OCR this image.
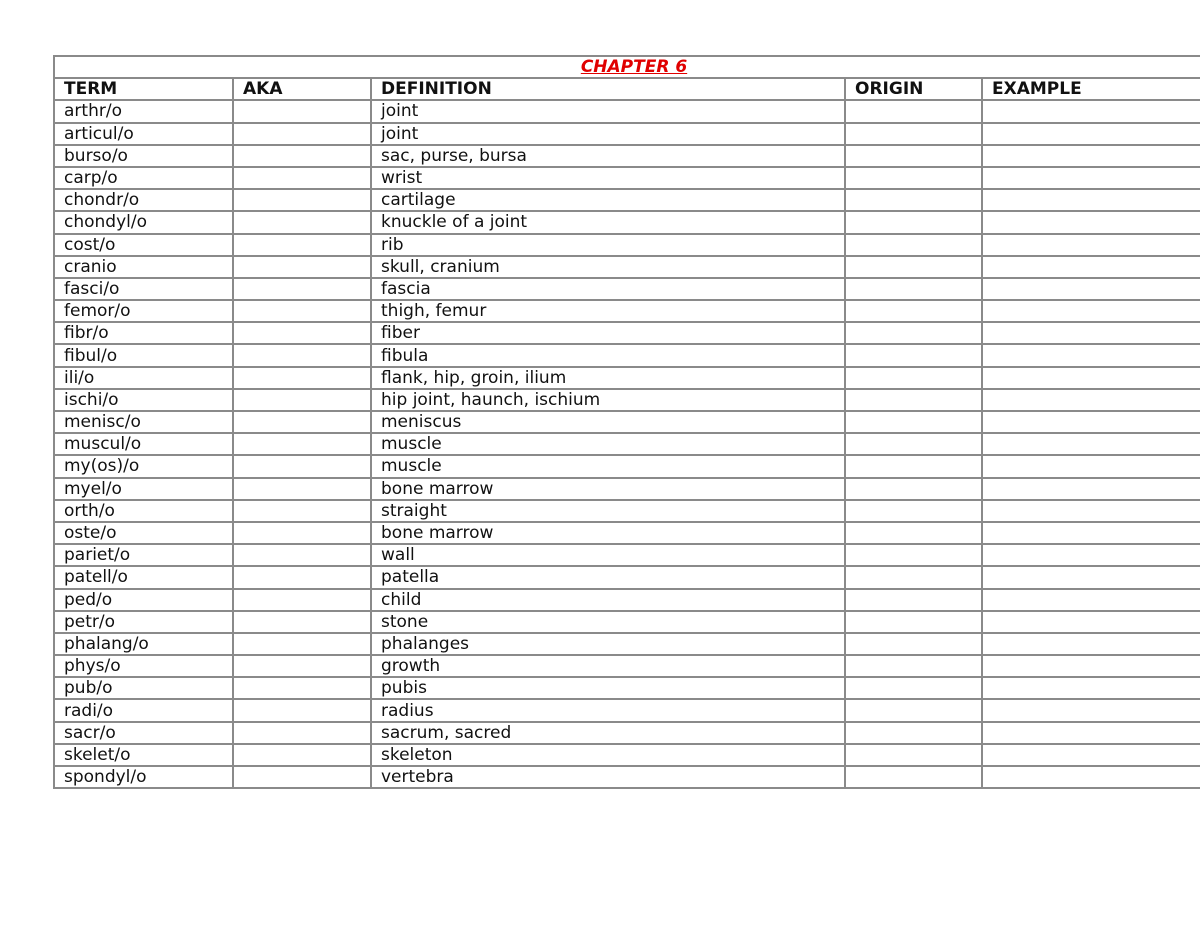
CHAPTER 6				
TERM	AKA	DEFINITION	ORIGIN	EXAMPLE
arthr/o		joint		
articul/o		joint		
burso/o		sac, purse, bursa		
carp/o		wrist		
chondr/o		cartilage		
chondyl/o		knuckle of a joint		
cost/o		rib		
cranio		skull, cranium		
fasci/o		fascia		
femor/o		thigh, femur		
fibr/o		fiber		
fibul/o		fibula		
ili/o		flank, hip, groin, ilium		
ischi/o		hip joint, haunch, ischium		
menisc/o		meniscus		
muscul/o		muscle		
my(os)/o		muscle		
myel/o		bone marrow		
orth/o		straight		
oste/o		bone marrow		
pariet/o		wall		
patell/o		patella		
ped/o		child		
petr/o		stone		
phalang/o		phalanges		
phys/o		growth		
pub/o		pubis		
radi/o		radius		
sacr/o		sacrum, sacred		
skelet/o		skeleton		
spondyl/o		vertebra		
